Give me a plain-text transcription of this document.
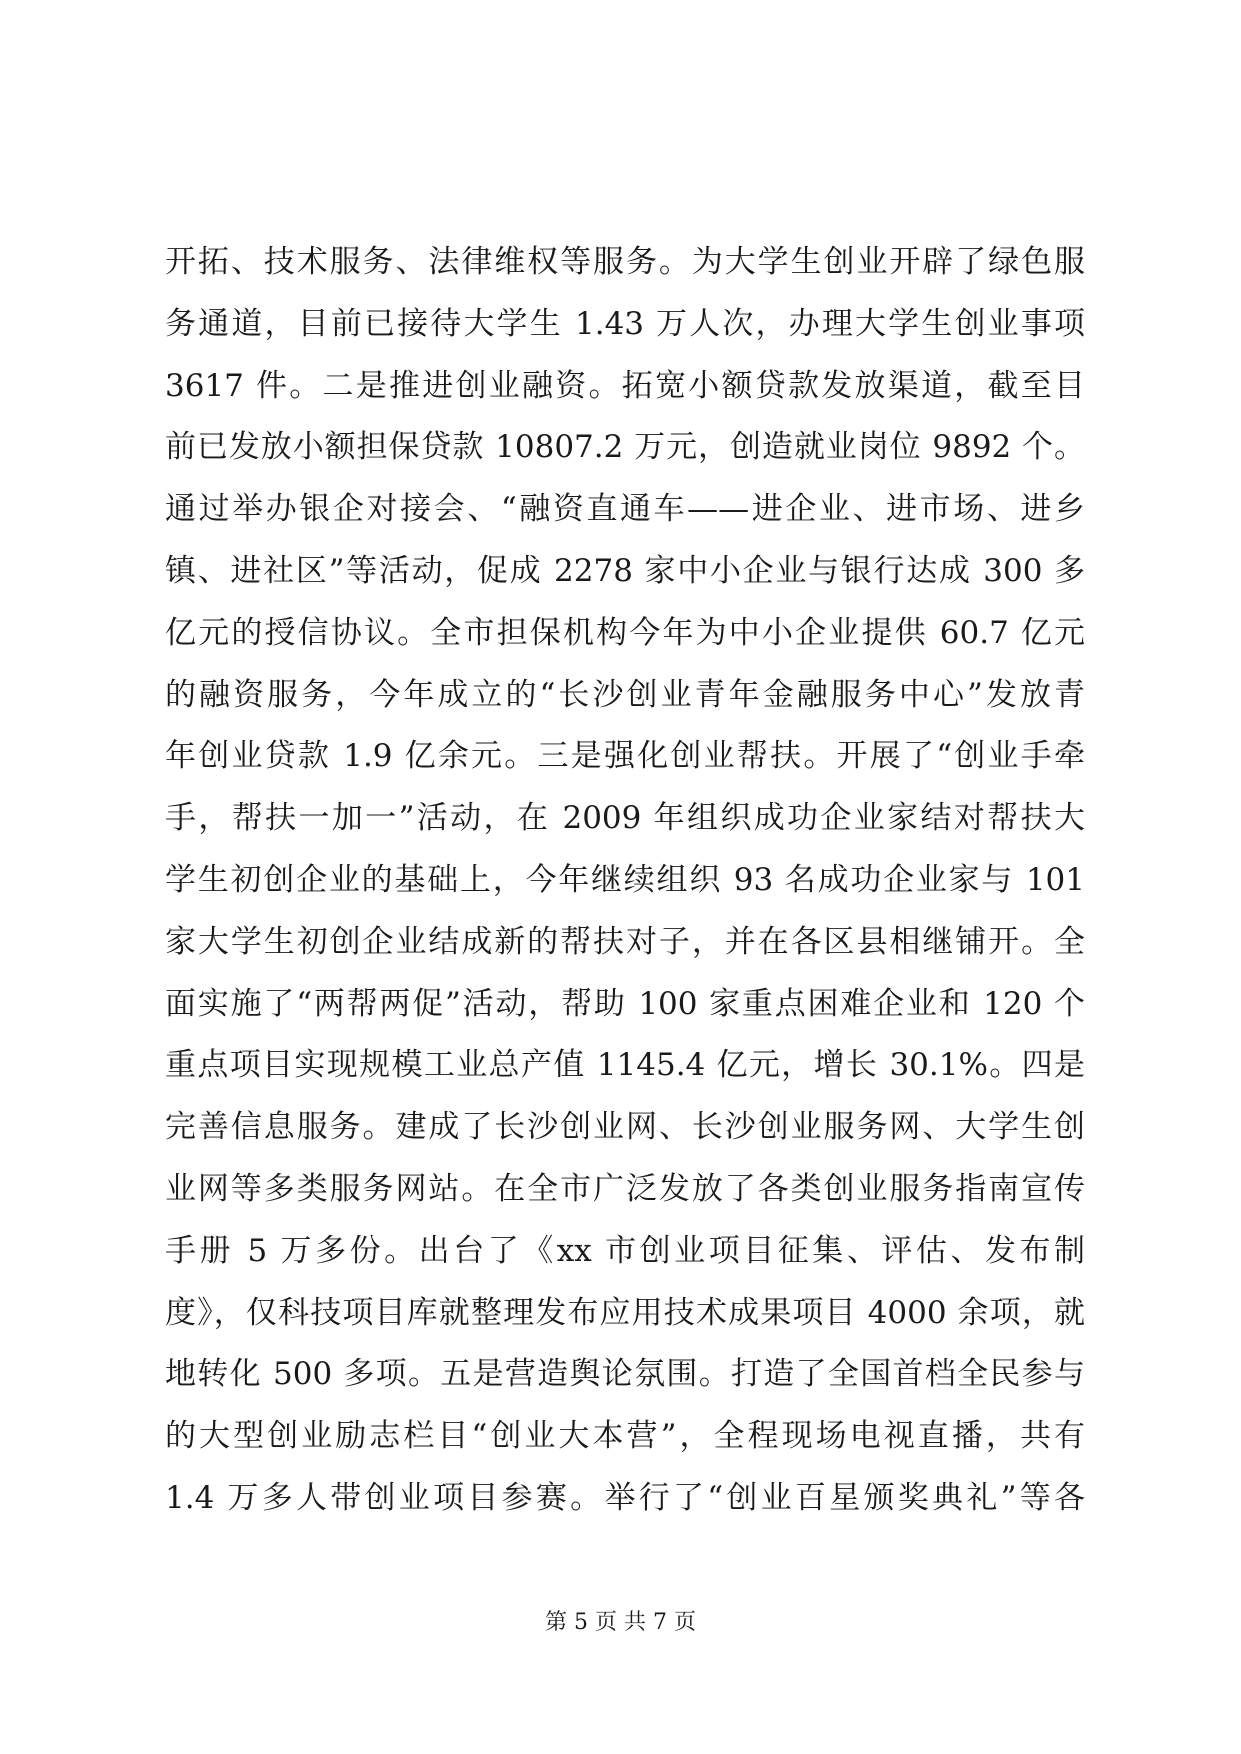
开拓、技术服务、法律维权等服务。为大学生创业开辟了绿色服
务通道，目前已接待大学生 1.43 万人次，办理大学生创业事项
3617 件。二是推进创业融资。拓宽小额贷款发放渠道，截至目
前已发放小额担保贷款 10807.2 万元，创造就业岗位 9892 个。
通过举办银企对接会、“融资直通车——进企业、进市场、进乡
镇、进社区”等活动，促成 2278 家中小企业与银行达成 300 多
亿元的授信协议。全市担保机构今年为中小企业提供 60.7 亿元
的融资服务，今年成立的“长沙创业青年金融服务中心”发放青
年创业贷款 1.9 亿余元。三是强化创业帮扶。开展了“创业手牵
手，帮扶一加一”活动，在 2009 年组织成功企业家结对帮扶大
学生初创企业的基础上，今年继续组织 93 名成功企业家与 101
家大学生初创企业结成新的帮扶对子，并在各区县相继铺开。全
面实施了“两帮两促”活动，帮助 100 家重点困难企业和 120 个
重点项目实现规模工业总产值 1145.4 亿元，增长 30.1%。四是
完善信息服务。建成了长沙创业网、长沙创业服务网、大学生创
业网等多类服务网站。在全市广泛发放了各类创业服务指南宣传
手册 5 万多份。出台了《xx 市创业项目征集、评估、发布制
度》，仅科技项目库就整理发布应用技术成果项目 4000 余项，就
地转化 500 多项。五是营造舆论氛围。打造了全国首档全民参与
的大型创业励志栏目“创业大本营”，全程现场电视直播，共有
1.4 万多人带创业项目参赛。举行了“创业百星颁奖典礼”等各
第 5 页 共 7 页
